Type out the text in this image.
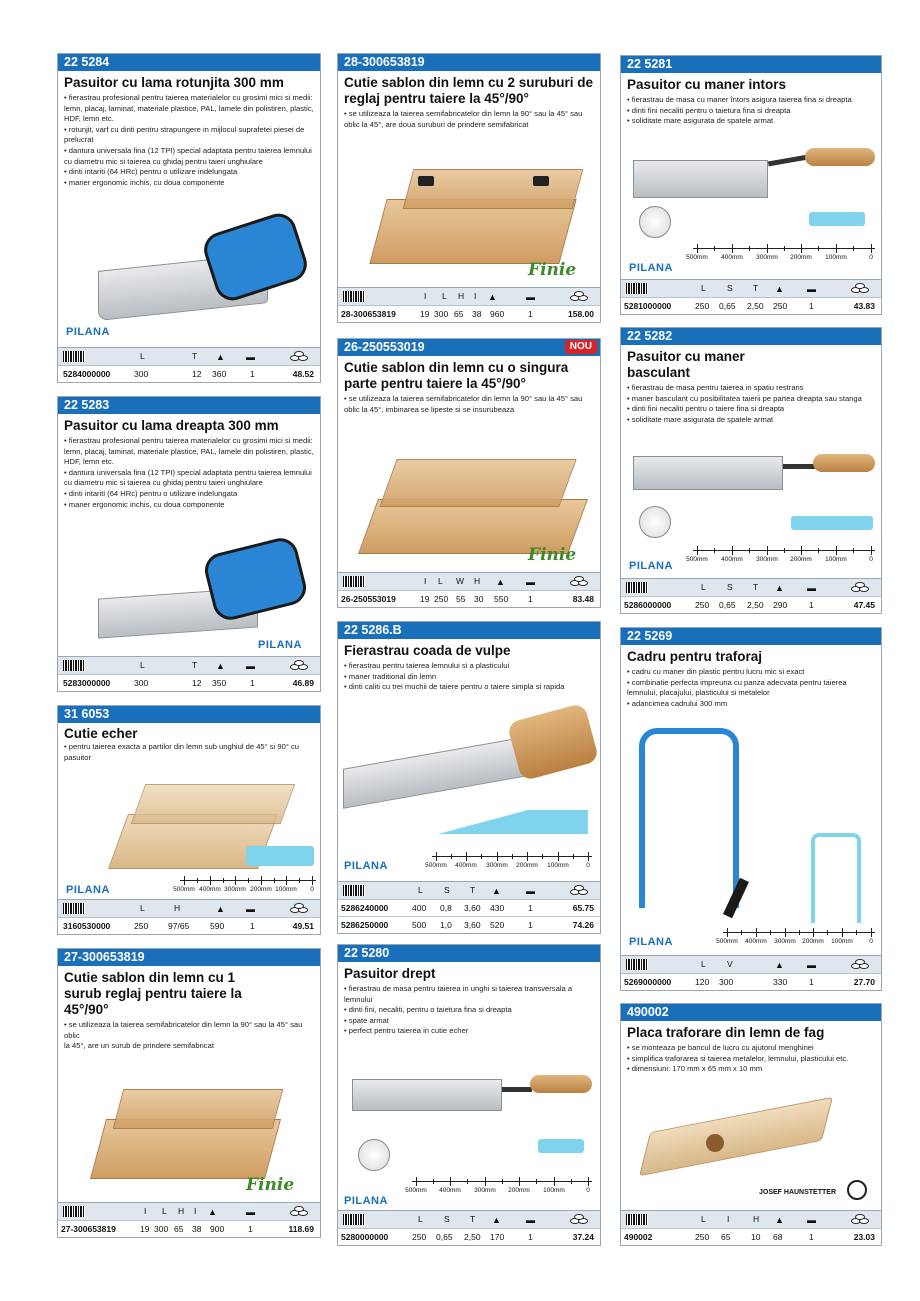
22 5284
Pasuitor cu lama rotunjita 300 mm
• fierastrau profesional pentru taierea materialelor cu grosimi mici si medii: lemn, placaj, laminat, materiale plastice, PAL, lamele din polistiren, plastic, HDF, lemn etc.
• rotunjit, varf cu dinti pentru strapungere in mijlocul suprafetei piesei de prelucrat
• dantura universala fina (12 TPI) special adaptata pentru taierea lemnului cu diametru mic si taierea cu ghidaj pentru taieri unghiulare
• dinti intariti (64 HRc) pentru o utilizare indelungata
• maner ergonomic inchis, cu doua componente
PILANA
L	T ▲ ▬
5284000000	300	12 360	1	48.52
22 5283
Pasuitor cu lama dreapta 300 mm
• fierastrau profesional pentru taierea materialelor cu grosimi mici si medii: lemn, placaj, laminat, materiale plastice, PAL, lamele din polistiren, plastic, HDF, lemn etc.
• dantura universala fina (12 TPI) special adaptata pentru taierea lemnului cu diametru mic si taierea cu ghidaj pentru taieri unghiulare
• dinti intariti (64 HRc) pentru o utilizare indelungata
• maner ergonomic inchis, cu doua componente
PILANA
L	T ▲ ▬
5283000000	300	12 350	1	46.89
31 6053
Cutie echer
• pentru taierea exacta a partilor din lemn sub unghiul de 45° si 90° cu pasuitor
PILANA	500mm 400mm 300mm 200mm 100mm 0
L	H	▲ ▬
3160530000	250 97/65 590	1	49.51
27-300653819
Cutie sablon din lemn cu 1 surub reglaj pentru taiere la 45°/90°
• se utilizeaza la taierea semifabricatelor din lemn la 90° sau la 45° sau oblic
la 45°, are un surub de prindere semifabricat
Finie
I L H I ▲	▬
27-300653819	19 300 65 38 900	1	118.69
28-300653819
Cutie sablon din lemn cu 2 suruburi de reglaj pentru taiere la 45°/90°
• se utilizeaza la taierea semifabricatelor din lemn la 90° sau la 45° sau oblic la 45°, are doua suruburi de prindere semifabricat
Finie
I L H I ▲	▬
28-300653819	19 300 65 38 960	1	158.00
26-250553019	NOU
Cutie sablon din lemn cu o singura parte pentru taiere la 45°/90°
• se utilizeaza la taierea semifabricatelor din lemn la 90° sau la 45° sau oblic la 45°, imbinarea se lipeste si se insurubeaza
Finie
I L W H ▲ ▬
26-250553019	19 250 55 30 550 1	83.48
22 5286.B
Fierastrau coada de vulpe
• fierastrau pentru taierea lemnului si a plasticului
• maner traditional din lemn
• dinti caliti cu trei muchii de taiere pentru o taiere simpla si rapida
PILANA	500mm 400mm 300mm 200mm 100mm	0
L	S T ▲	▬
5286240000	400 0,8 3,60 430	1	65.75
5286250000	500 1,0 3,60 520	1	74.26
22 5280
Pasuitor drept
• fierastrau de masa pentru taierea in unghi si taierea transversala a lemnului
• dinti fini, necaliti, pentru o taietura fina si dreapta
• spate armat
• perfect pentru taierea in cutie echer
PILANA
500mm 400mm 300mm 200mm 100mm	0
L	S T ▲	▬
5280000000	250 0,65 2,50 170	1	37.24
22 5281
Pasuitor cu maner intors
• fierastrau de masa cu maner întors asigura taierea fina si dreapta
• dinti fini necaliti pentru o taietura fina si dreapta
• soliditate mare asigurata de spatele armat
PILANA
500mm 400mm 300mm 200mm 100mm	0
L	S T ▲	▬
5281000000	250 0,65 2,50 250	1	43.83
22 5282
Pasuitor cu maner basculant
• fierastrau de masa pentru taierea in spatiu restrans
• maner basculant cu posibilitatea taierii pe partea dreapta sau stanga
• dinti fini necaliti pentru o taiere fina si dreapta
• soliditate mare asigurata de spatele armat
PILANA
500mm 400mm 300mm 200mm 100mm	0
L	S T ▲	▬
5286000000	250 0,65 2,50 290	1	47.45
22 5269
Cadru pentru traforaj
• cadru cu maner din plastic pentru lucru mic si exact
• combinatie perfecta impreuna cu panza adecvata pentru taierea lemnului, placajului, plasticului si metalelor
• adancimea cadrului 300 mm
PILANA	500mm 400mm 300mm 200mm 100mm	0
L	V	▲	▬
5269000000	120 300	330	1	27.70
490002
Placa traforare din lemn de fag
• se monteaza pe bancul de lucru cu ajutorul menghinei
• simplifica traforarea si taierea metalelor, lemnului, plasticului etc.
• dimensiuni: 170 mm x 65 mm x 10 mm
JOSEF HAUNSTETTER
L	I	H ▲	▬
490002	250 65 10 68	1	23.03
